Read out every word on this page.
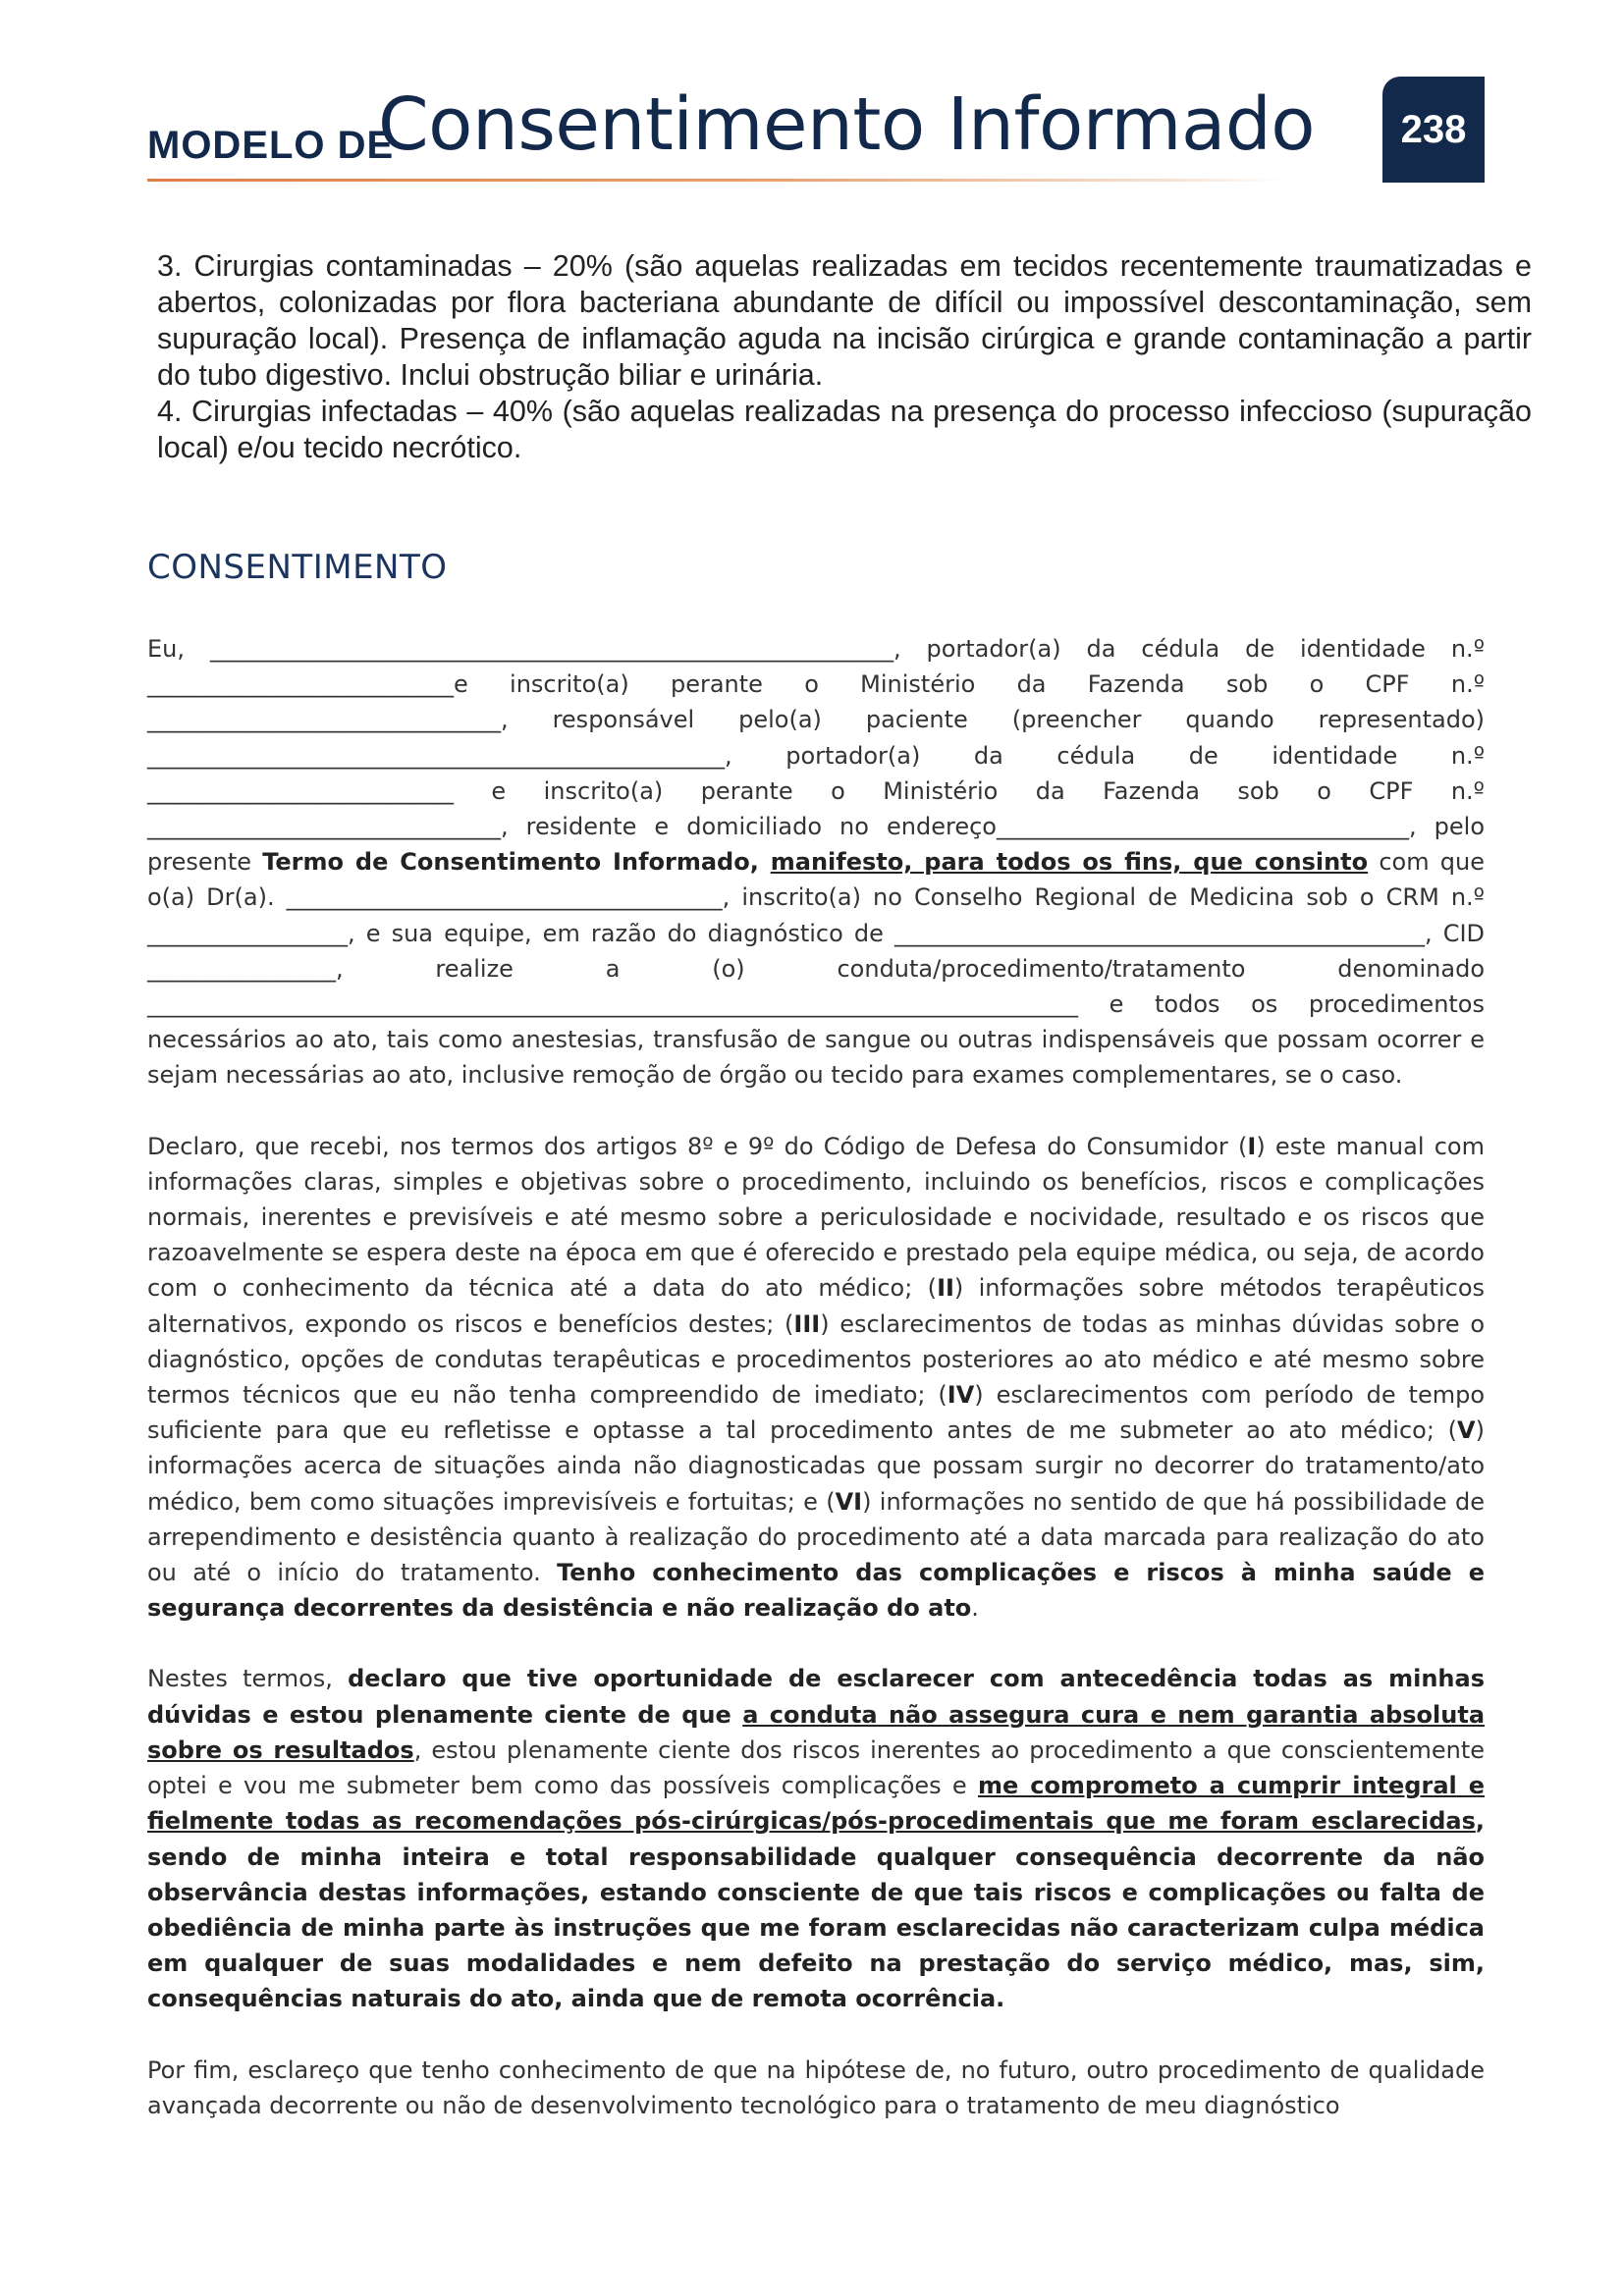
MODELO DE
Consentimento Informado	238

3. Cirurgias contaminadas – 20% (são aquelas realizadas em tecidos recentemente traumatizadas e abertos, colonizadas por flora bacteriana abundante de difícil ou impossível descontaminação, sem supuração local). Presença de inflamação aguda na incisão cirúrgica e grande contaminação a partir do tubo digestivo. Inclui obstrução biliar e urinária.

4. Cirurgias infectadas – 40% (são aquelas realizadas na presença do processo infeccioso (supuração local) e/ou tecido necrótico.

CONSENTIMENTO

Eu, __________________________________________________________, portador(a) da cédula de identidade n.º __________________________e inscrito(a) perante o Ministério da Fazenda sob o CPF n.º ______________________________, responsável pelo(a) paciente (preencher quando representado) _________________________________________________, portador(a) da cédula de identidade n.º __________________________ e inscrito(a) perante o Ministério da Fazenda sob o CPF n.º ______________________________, residente e domiciliado no endereço___________________________________, pelo presente Termo de Consentimento Informado, manifesto, para todos os fins, que consinto com que o(a) Dr(a). _____________________________________, inscrito(a) no Conselho Regional de Medicina sob o CRM n.º _________________, e sua equipe, em razão do diagnóstico de _____________________________________________, CID ________________, realize a (o) conduta/procedimento/tratamento denominado _______________________________________________________________________________ e todos os procedimentos necessários ao ato, tais como anestesias, transfusão de sangue ou outras indispensáveis que possam ocorrer e sejam necessárias ao ato, inclusive remoção de órgão ou tecido para exames complementares, se o caso.

Declaro, que recebi, nos termos dos artigos 8º e 9º do Código de Defesa do Consumidor (I) este manual com informações claras, simples e objetivas sobre o procedimento, incluindo os benefícios, riscos e complicações normais, inerentes e previsíveis e até mesmo sobre a periculosidade e nocividade, resultado e os riscos que razoavelmente se espera deste na época em que é oferecido e prestado pela equipe médica, ou seja, de acordo com o conhecimento da técnica até a data do ato médico; (II) informações sobre métodos terapêuticos alternativos, expondo os riscos e benefícios destes; (III) esclarecimentos de todas as minhas dúvidas sobre o diagnóstico, opções de condutas terapêuticas e procedimentos posteriores ao ato médico e até mesmo sobre termos técnicos que eu não tenha compreendido de imediato; (IV) esclarecimentos com período de tempo suficiente para que eu refletisse e optasse a tal procedimento antes de me submeter ao ato médico; (V) informações acerca de situações ainda não diagnosticadas que possam surgir no decorrer do tratamento/ato médico, bem como situações imprevisíveis e fortuitas; e (VI) informações no sentido de que há possibilidade de arrependimento e desistência quanto à realização do procedimento até a data marcada para realização do ato ou até o início do tratamento. Tenho conhecimento das complicações e riscos à minha saúde e segurança decorrentes da desistência e não realização do ato.

Nestes termos, declaro que tive oportunidade de esclarecer com antecedência todas as minhas dúvidas e estou plenamente ciente de que a conduta não assegura cura e nem garantia absoluta sobre os resultados, estou plenamente ciente dos riscos inerentes ao procedimento a que conscientemente optei e vou me submeter bem como das possíveis complicações e me comprometo a cumprir integral e fielmente todas as recomendações pós-cirúrgicas/pós-procedimentais que me foram esclarecidas, sendo de minha inteira e total responsabilidade qualquer consequência decorrente da não observância destas informações, estando consciente de que tais riscos e complicações ou falta de obediência de minha parte às instruções que me foram esclarecidas não caracterizam culpa médica em qualquer de suas modalidades e nem defeito na prestação do serviço médico, mas, sim, consequências naturais do ato, ainda que de remota ocorrência.

Por fim, esclareço que tenho conhecimento de que na hipótese de, no futuro, outro procedimento de qualidade avançada decorrente ou não de desenvolvimento tecnológico para o tratamento de meu diagnóstico
